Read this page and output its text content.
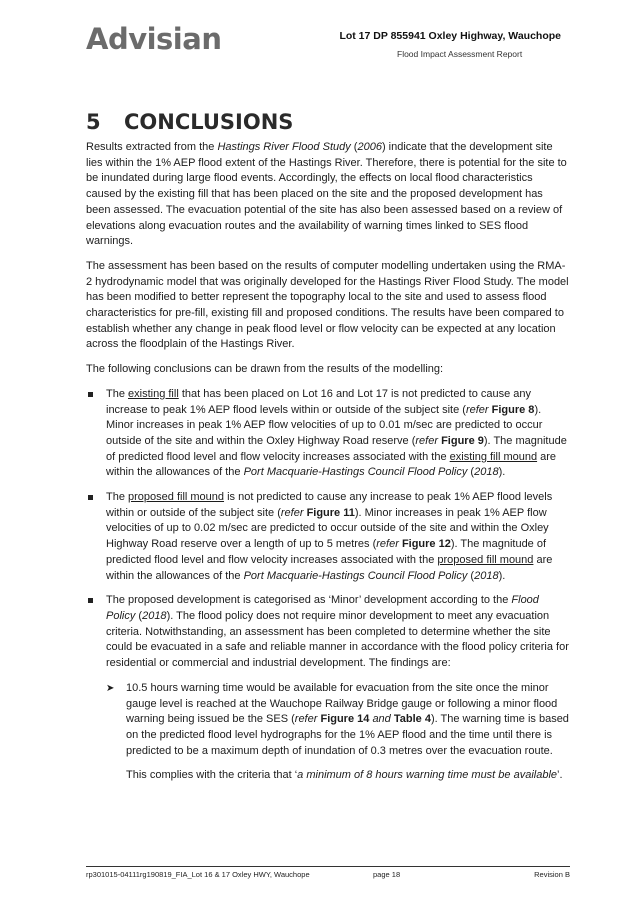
Advisian	Lot 17 DP 855941 Oxley Highway, Wauchope
Flood Impact Assessment Report
5 CONCLUSIONS

Results extracted from the Hastings River Flood Study (2006) indicate that the development site lies within the 1% AEP flood extent of the Hastings River. Therefore, there is potential for the site to be inundated during large flood events. Accordingly, the effects on local flood characteristics caused by the existing fill that has been placed on the site and the proposed development has been assessed. The evacuation potential of the site has also been assessed based on a review of elevations along evacuation routes and the availability of warning times linked to SES flood warnings.

The assessment has been based on the results of computer modelling undertaken using the RMA-2 hydrodynamic model that was originally developed for the Hastings River Flood Study. The model has been modified to better represent the topography local to the site and used to assess flood characteristics for pre-fill, existing fill and proposed conditions. The results have been compared to establish whether any change in peak flood level or flow velocity can be expected at any location across the floodplain of the Hastings River.

The following conclusions can be drawn from the results of the modelling:

The existing fill that has been placed on Lot 16 and Lot 17 is not predicted to cause any increase to peak 1% AEP flood levels within or outside of the subject site (refer Figure 8). Minor increases in peak 1% AEP flow velocities of up to 0.01 m/sec are predicted to occur outside of the site and within the Oxley Highway Road reserve (refer Figure 9). The magnitude of predicted flood level and flow velocity increases associated with the existing fill mound are within the allowances of the Port Macquarie-Hastings Council Flood Policy (2018).
The proposed fill mound is not predicted to cause any increase to peak 1% AEP flood levels within or outside of the subject site (refer Figure 11). Minor increases in peak 1% AEP flow velocities of up to 0.02 m/sec are predicted to occur outside of the site and within the Oxley Highway Road reserve over a length of up to 5 metres (refer Figure 12). The magnitude of predicted flood level and flow velocity increases associated with the proposed fill mound are within the allowances of the Port Macquarie-Hastings Council Flood Policy (2018).
The proposed development is categorised as ‘Minor’ development according to the Flood Policy (2018). The flood policy does not require minor development to meet any evacuation criteria. Notwithstanding, an assessment has been completed to determine whether the site could be evacuated in a safe and reliable manner in accordance with the flood policy criteria for residential or commercial and industrial development. The findings are:
➤ 10.5 hours warning time would be available for evacuation from the site once the minor gauge level is reached at the Wauchope Railway Bridge gauge or following a minor flood warning being issued be the SES (refer Figure 14 and Table 4). The warning time is based on the predicted flood level hydrographs for the 1% AEP flood and the time until there is predicted to be a maximum depth of inundation of 0.3 metres over the evacuation route.

This complies with the criteria that ‘a minimum of 8 hours warning time must be available’.

rp301015-04111rg190819_FIA_Lot 16 & 17 Oxley HWY, Wauchope	page 18	Revision B
